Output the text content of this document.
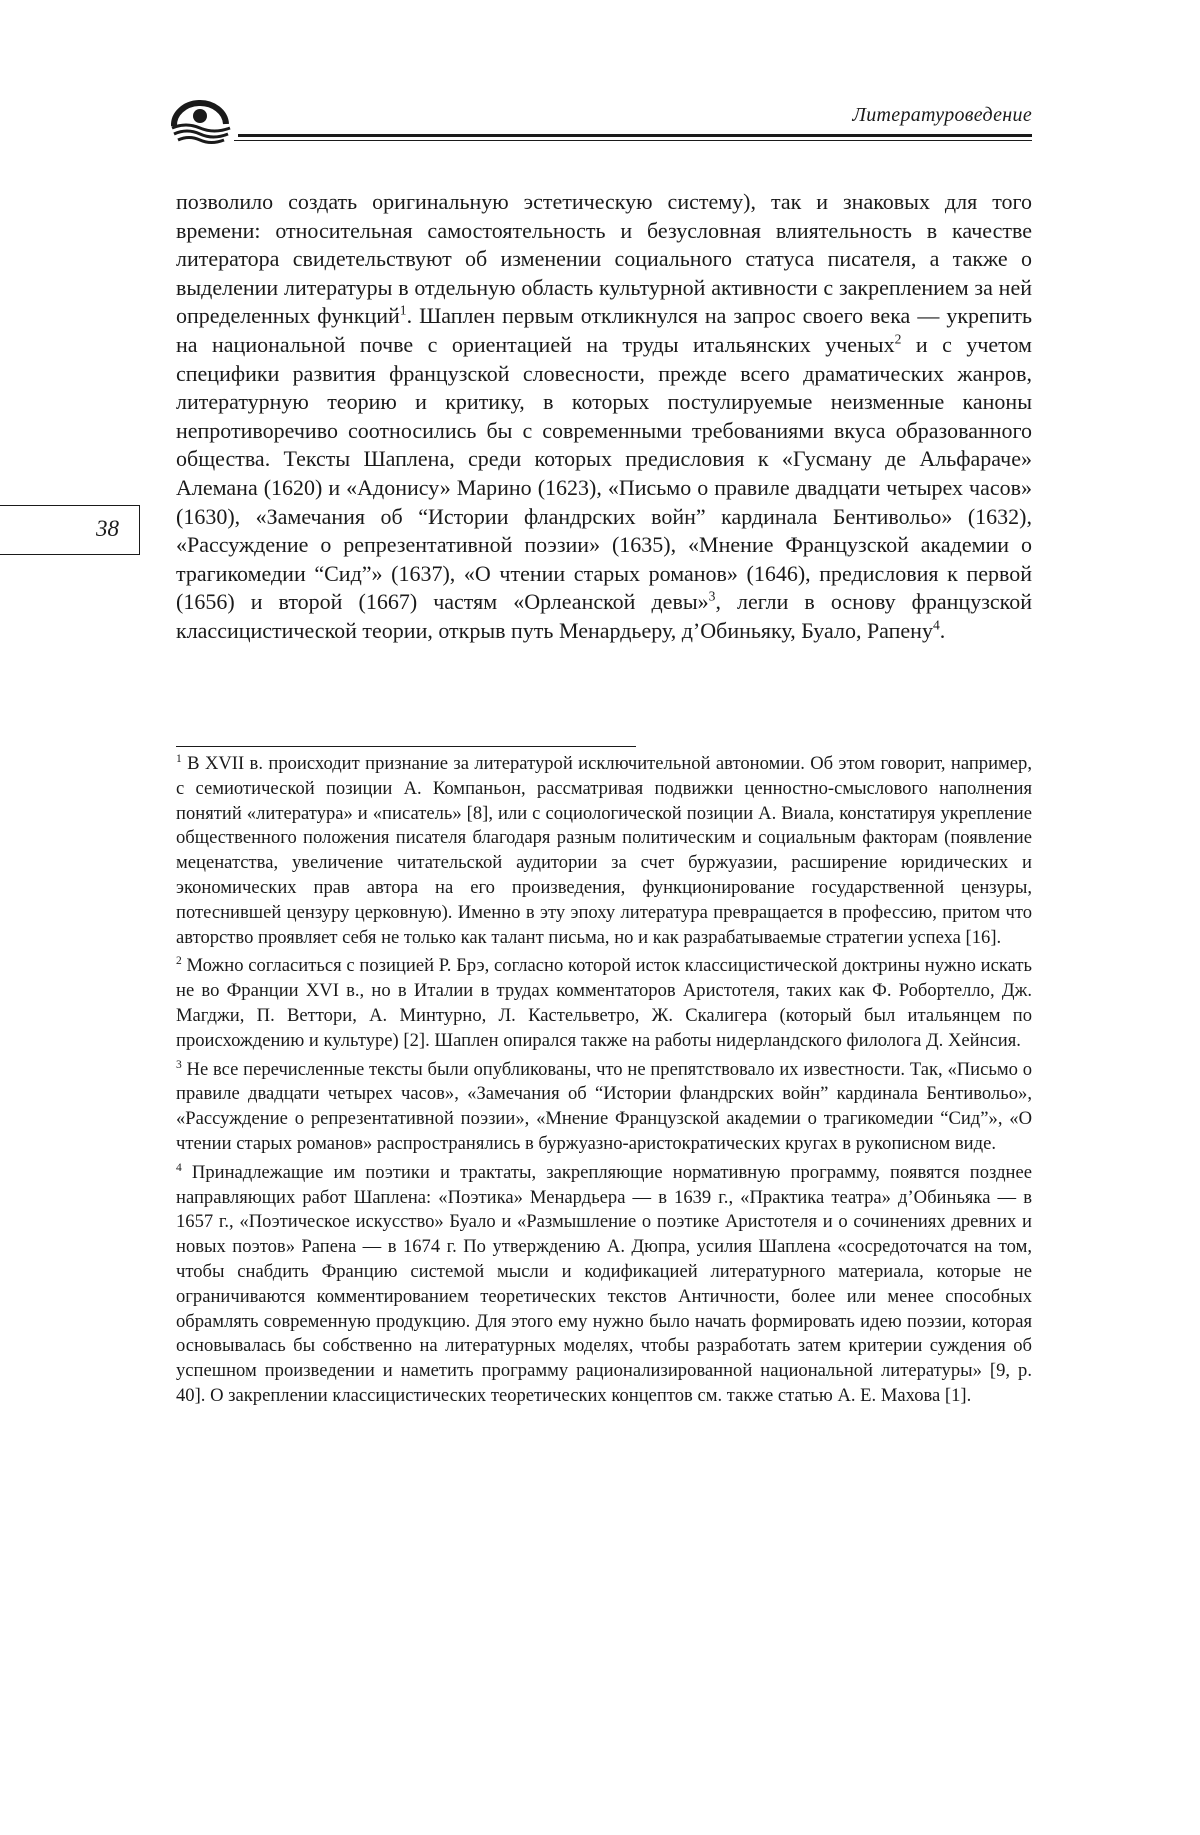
Литературоведение
38

позволило создать оригинальную эстетическую систему), так и знаковых для того времени: относительная самостоятельность и безусловная влиятельность в качестве литератора свидетельствуют об изменении социального статуса писателя, а также о выделении литературы в отдельную область культурной активности с закреплением за ней определенных функций$^1$. Шаплен первым откликнулся на запрос своего века — укрепить на национальной почве с ориентацией на труды итальянских ученых$^2$ и с учетом специфики развития французской словесности, прежде всего драматических жанров, литературную теорию и критику, в которых постулируемые неизменные каноны непротиворечиво соотносились бы с современными требованиями вкуса образованного общества. Тексты Шаплена, среди которых предисловия к «Гусману де Альфараче» Алемана (1620) и «Адонису» Марино (1623), «Письмо о правиле двадцати четырех часов» (1630), «Замечания об “Истории фландрских войн” кардинала Бентивольо» (1632), «Рассуждение о репрезентативной поэзии» (1635), «Мнение Французской академии о трагикомедии “Сид”» (1637), «О чтении старых романов» (1646), предисловия к первой (1656) и второй (1667) частям «Орлеанской девы»$^3$, легли в основу французской классицистической теории, открыв путь Менардьеру, д’Обиньяку, Буало, Рапену$^4$.

$^1$ В XVII в. происходит признание за литературой исключительной автономии. Об этом говорит, например, с семиотической позиции А. Компаньон, рассматривая подвижки ценностно-смыслового наполнения понятий «литература» и «писатель» [8], или с социологической позиции А. Виала, констатируя укрепление общественного положения писателя благодаря разным политическим и социальным факторам (появление меценатства, увеличение читательской аудитории за счет буржуазии, расширение юридических и экономических прав автора на его произведения, функционирование государственной цензуры, потеснившей цензуру церковную). Именно в эту эпоху литература превращается в профессию, притом что авторство проявляет себя не только как талант письма, но и как разрабатываемые стратегии успеха [16].

$^2$ Можно согласиться с позицией Р. Брэ, согласно которой исток классицистической доктрины нужно искать не во Франции XVI в., но в Италии в трудах комментаторов Аристотеля, таких как Ф. Робортелло, Дж. Магджи, П. Веттори, А. Минтурно, Л. Кастельветро, Ж. Скалигера (который был итальянцем по происхождению и культуре) [2]. Шаплен опирался также на работы нидерландского филолога Д. Хейнсия.

$^3$ Не все перечисленные тексты были опубликованы, что не препятствовало их известности. Так, «Письмо о правиле двадцати четырех часов», «Замечания об “Истории фландрских войн” кардинала Бентивольо», «Рассуждение о репрезентативной поэзии», «Мнение Французской академии о трагикомедии “Сид”», «О чтении старых романов» распространялись в буржуазно-аристократических кругах в рукописном виде.

$^4$ Принадлежащие им поэтики и трактаты, закрепляющие нормативную программу, появятся позднее направляющих работ Шаплена: «Поэтика» Менардьера — в 1639 г., «Практика театра» д’Обиньяка — в 1657 г., «Поэтическое искусство» Буало и «Размышление о поэтике Аристотеля и о сочинениях древних и новых поэтов» Рапена — в 1674 г. По утверждению А. Дюпра, усилия Шаплена «сосредоточатся на том, чтобы снабдить Францию системой мысли и кодификацией литературного материала, которые не ограничиваются комментированием теоретических текстов Античности, более или менее способных обрамлять современную продукцию. Для этого ему нужно было начать формировать идею поэзии, которая основывалась бы собственно на литературных моделях, чтобы разработать затем критерии суждения об успешном произведении и наметить программу рационализированной национальной литературы» [9, p. 40]. О закреплении классицистических теоретических концептов см. также статью А. Е. Махова [1].
